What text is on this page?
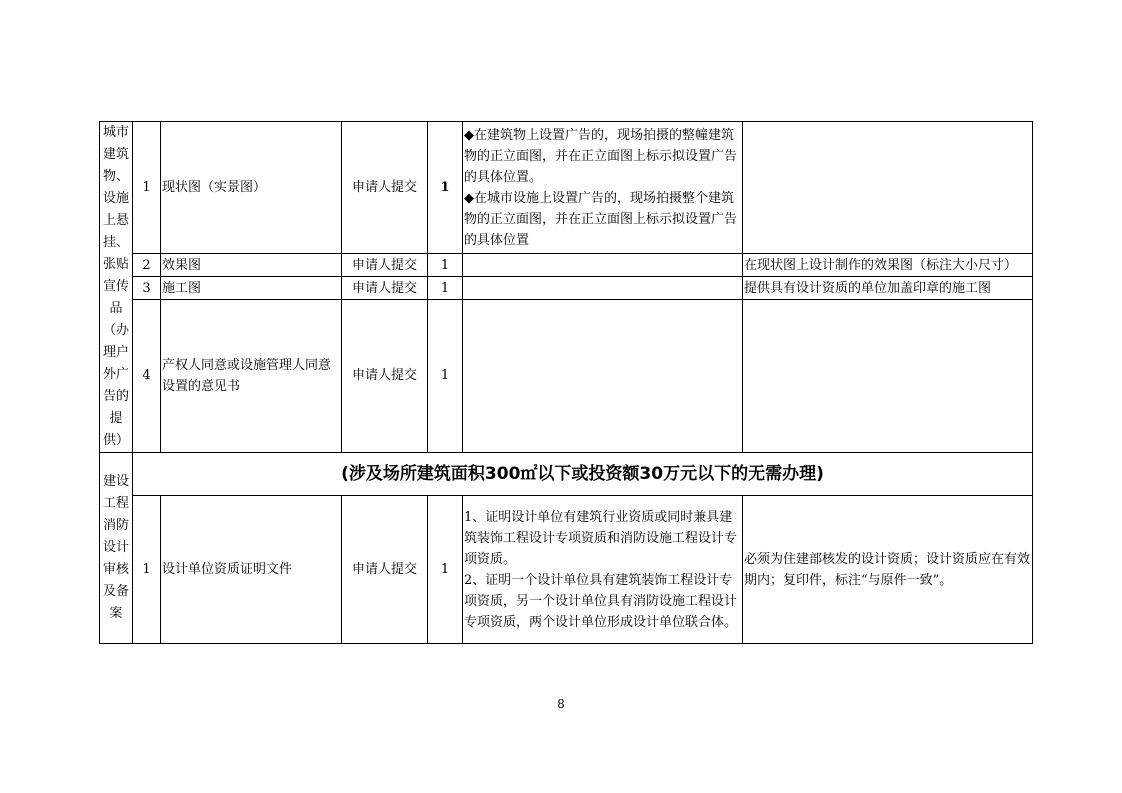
城市建筑物、设施上悬挂、张贴宣传品（办理户外广告的提供）	1	现状图（实景图）	申请人提交	1	◆在建筑物上设置广告的，现场拍摄的整幢建筑物的正立面图，并在正立面图上标示拟设置广告的具体位置。
◆在城市设施上设置广告的，现场拍摄整个建筑物的正立面图，并在正立面图上标示拟设置广告的具体位置	

	2	效果图	申请人提交	1		在现状图上设计制作的效果图（标注大小尺寸）
	3	施工图	申请人提交	1		提供具有设计资质的单位加盖印章的施工图
	4	产权人同意或设施管理人同意设置的意见书	申请人提交	1		

建设工程消防设计审核及备案	(涉及场所建筑面积300㎡以下或投资额30万元以下的无需办理)					
	1	设计单位资质证明文件	申请人提交	1	1、证明设计单位有建筑行业资质或同时兼具建筑装饰工程设计专项资质和消防设施工程设计专项资质。
2、证明一个设计单位具有建筑装饰工程设计专项资质，另一个设计单位具有消防设施工程设计专项资质，两个设计单位形成设计单位联合体。	必须为住建部核发的设计资质；设计资质应在有效期内；复印件，标注“与原件一致”。
8
